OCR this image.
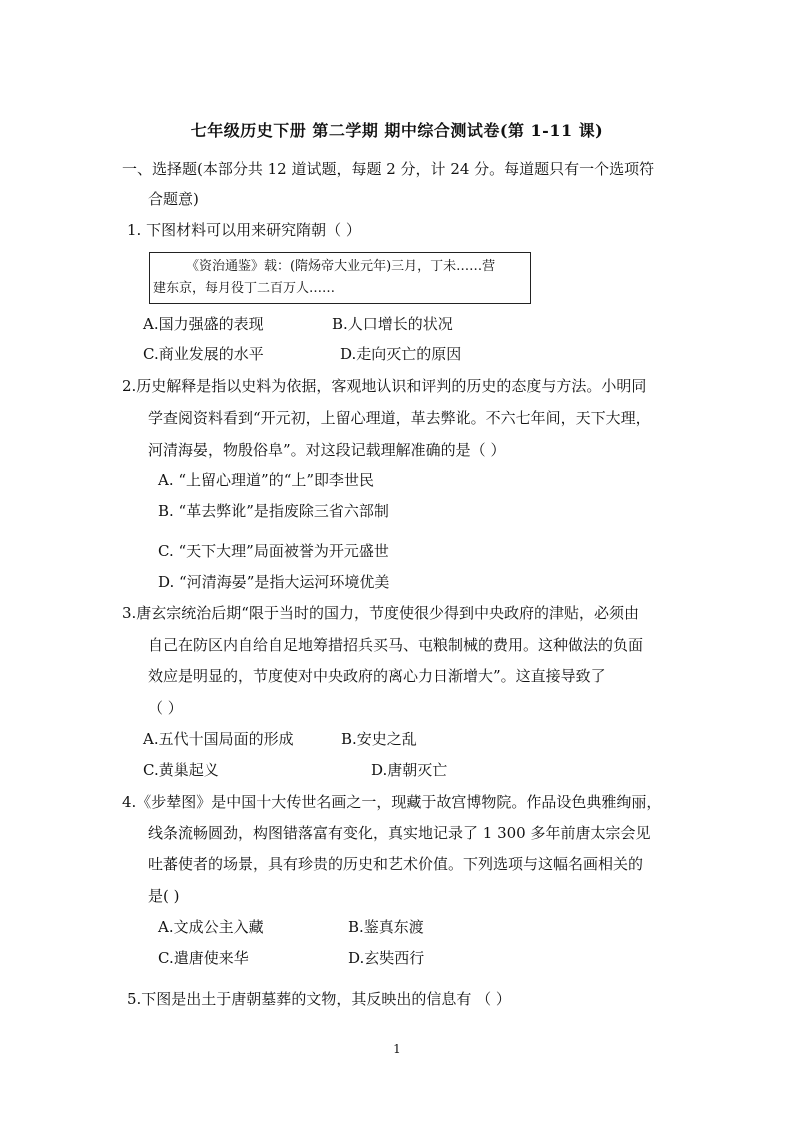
七年级历史下册 第二学期 期中综合测试卷(第 1-11 课)
一、选择题(本部分共 12 道试题，每题 2 分，计 24 分。每道题只有一个选项符
合题意)
1. 下图材料可以用来研究隋朝（ ）
《资治通鉴》载：(隋炀帝大业元年)三月，丁未……营
建东京，每月役丁二百万人……
A.国力强盛的表现	B.人口增长的状况
C.商业发展的水平	D.走向灭亡的原因
2.历史解释是指以史料为依据，客观地认识和评判的历史的态度与方法。小明同
学查阅资料看到“开元初，上留心理道，革去弊讹。不六七年间，天下大理，
河清海晏，物殷俗阜”。对这段记载理解准确的是（ ）
A. “上留心理道”的“上”即李世民
B. “革去弊讹”是指废除三省六部制
C. “天下大理”局面被誉为开元盛世
D. “河清海晏”是指大运河环境优美
3.唐玄宗统治后期“限于当时的国力，节度使很少得到中央政府的津贴，必须由
自己在防区内自给自足地筹措招兵买马、屯粮制械的费用。这种做法的负面
效应是明显的，节度使对中央政府的离心力日渐增大”。这直接导致了
（ ）
A.五代十国局面的形成	B.安史之乱
C.黄巢起义	D.唐朝灭亡
4.《步辇图》是中国十大传世名画之一，现藏于故宫博物院。作品设色典雅绚丽，
线条流畅圆劲，构图错落富有变化，真实地记录了 1 300 多年前唐太宗会见
吐蕃使者的场景，具有珍贵的历史和艺术价值。下列选项与这幅名画相关的
是( )
A.文成公主入藏	B.鉴真东渡
C.遣唐使来华	D.玄奘西行
5.下图是出土于唐朝墓葬的文物，其反映出的信息有 （ ）
1
